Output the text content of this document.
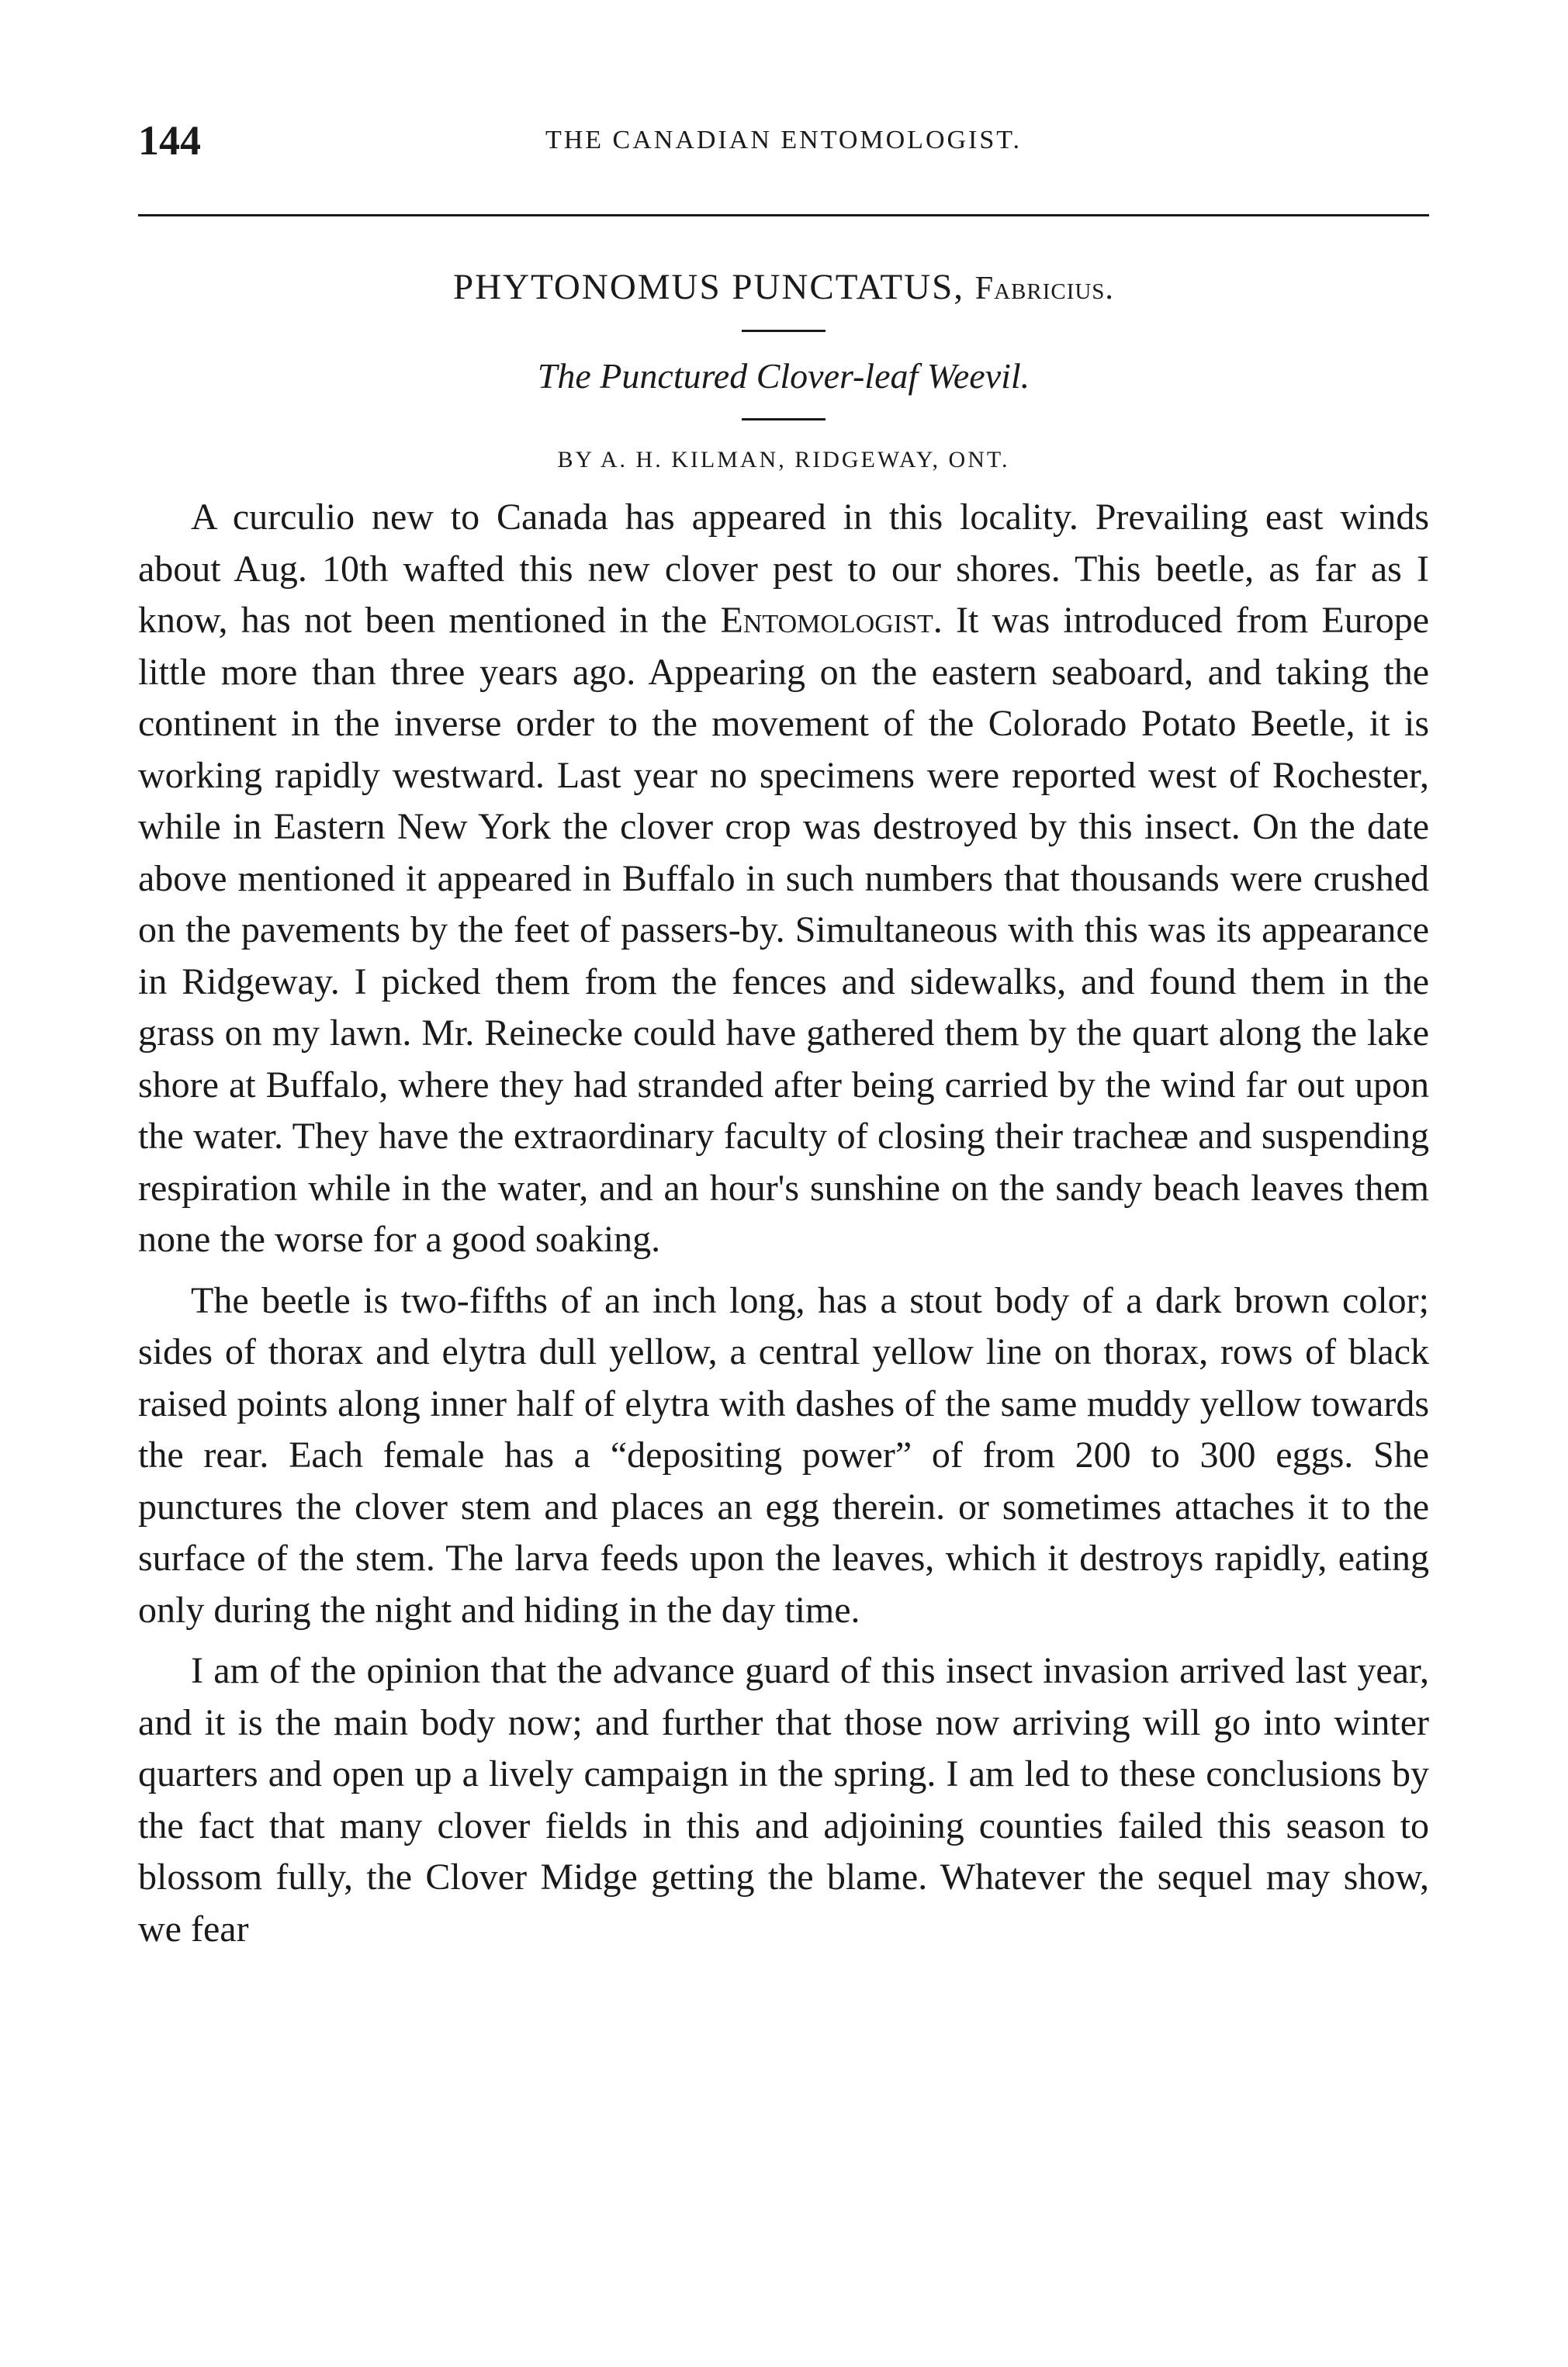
144	THE CANADIAN ENTOMOLOGIST.
PHYTONOMUS PUNCTATUS, Fabricius.
The Punctured Clover-leaf Weevil.
BY A. H. KILMAN, RIDGEWAY, ONT.

A curculio new to Canada has appeared in this locality. Prevailing east winds about Aug. 10th wafted this new clover pest to our shores. This beetle, as far as I know, has not been mentioned in the Entomologist. It was introduced from Europe little more than three years ago. Appearing on the eastern seaboard, and taking the continent in the inverse order to the movement of the Colorado Potato Beetle, it is working rapidly westward. Last year no specimens were reported west of Rochester, while in Eastern New York the clover crop was destroyed by this insect. On the date above mentioned it appeared in Buffalo in such numbers that thousands were crushed on the pavements by the feet of passers-by. Simultaneous with this was its appearance in Ridgeway. I picked them from the fences and sidewalks, and found them in the grass on my lawn. Mr. Reinecke could have gathered them by the quart along the lake shore at Buffalo, where they had stranded after being carried by the wind far out upon the water. They have the extraordinary faculty of closing their tracheæ and suspending respiration while in the water, and an hour's sunshine on the sandy beach leaves them none the worse for a good soaking.

The beetle is two-fifths of an inch long, has a stout body of a dark brown color; sides of thorax and elytra dull yellow, a central yellow line on thorax, rows of black raised points along inner half of elytra with dashes of the same muddy yellow towards the rear. Each female has a “depositing power” of from 200 to 300 eggs. She punctures the clover stem and places an egg therein. or sometimes attaches it to the surface of the stem. The larva feeds upon the leaves, which it destroys rapidly, eating only during the night and hiding in the day time.

I am of the opinion that the advance guard of this insect invasion arrived last year, and it is the main body now; and further that those now arriving will go into winter quarters and open up a lively campaign in the spring. I am led to these conclusions by the fact that many clover fields in this and adjoining counties failed this season to blossom fully, the Clover Midge getting the blame. Whatever the sequel may show, we fear
